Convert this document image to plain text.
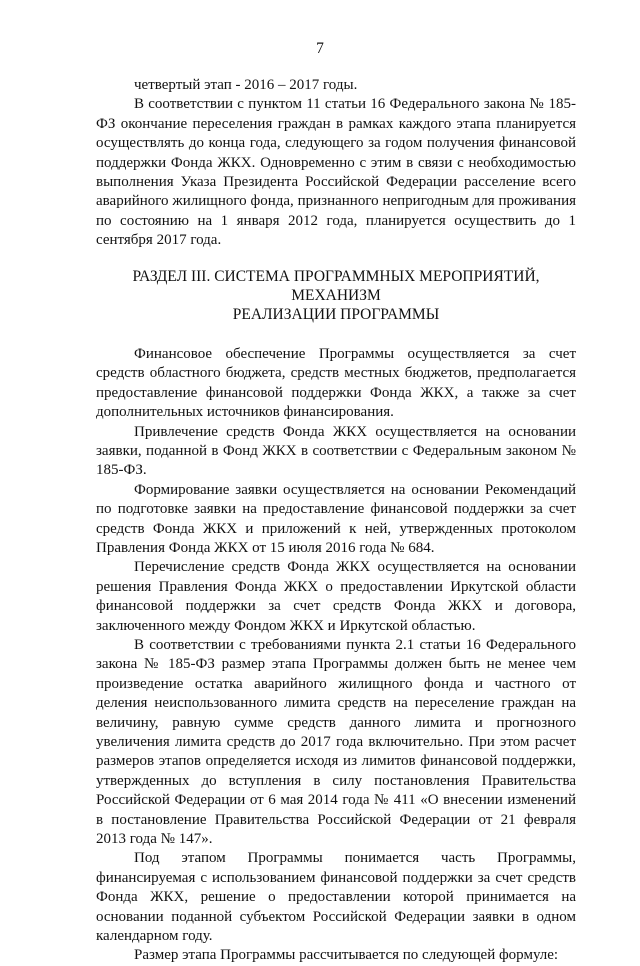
7

четвертый этап - 2016 – 2017 годы.

В соответствии с пунктом 11 статьи 16 Федерального закона № 185-ФЗ окончание переселения граждан в рамках каждого этапа планируется осуществлять до конца года, следующего за годом получения финансовой поддержки Фонда ЖКХ. Одновременно с этим в связи с необходимостью выполнения Указа Президента Российской Федерации расселение всего аварийного жилищного фонда, признанного непригодным для проживания по состоянию на 1 января 2012 года, планируется осуществить до 1 сентября 2017 года.

РАЗДЕЛ III. СИСТЕМА ПРОГРАММНЫХ МЕРОПРИЯТИЙ, МЕХАНИЗМ
РЕАЛИЗАЦИИ ПРОГРАММЫ

Финансовое обеспечение Программы осуществляется за счет средств областного бюджета, средств местных бюджетов, предполагается предоставление финансовой поддержки Фонда ЖКХ, а также за счет дополнительных источников финансирования.

Привлечение средств Фонда ЖКХ осуществляется на основании заявки, поданной в Фонд ЖКХ в соответствии с Федеральным законом № 185-ФЗ.

Формирование заявки осуществляется на основании Рекомендаций по подготовке заявки на предоставление финансовой поддержки за счет средств Фонда ЖКХ и приложений к ней, утвержденных протоколом Правления Фонда ЖКХ от 15 июля 2016 года № 684.

Перечисление средств Фонда ЖКХ осуществляется на основании решения Правления Фонда ЖКХ о предоставлении Иркутской области финансовой поддержки за счет средств Фонда ЖКХ и договора, заключенного между Фондом ЖКХ и Иркутской областью.

В соответствии с требованиями пункта 2.1 статьи 16 Федерального закона № 185-ФЗ размер этапа Программы должен быть не менее чем произведение остатка аварийного жилищного фонда и частного от деления неиспользованного лимита средств на переселение граждан на величину, равную сумме средств данного лимита и прогнозного увеличения лимита средств до 2017 года включительно. При этом расчет размеров этапов определяется исходя из лимитов финансовой поддержки, утвержденных до вступления в силу постановления Правительства Российской Федерации от 6 мая 2014 года № 411 «О внесении изменений в постановление Правительства Российской Федерации от 21 февраля 2013 года № 147».

Под этапом Программы понимается часть Программы, финансируемая с использованием финансовой поддержки за счет средств Фонда ЖКХ, решение о предоставлении которой принимается на основании поданной субъектом Российской Федерации заявки в одном календарном году.

Размер этапа Программы рассчитывается по следующей формуле:
